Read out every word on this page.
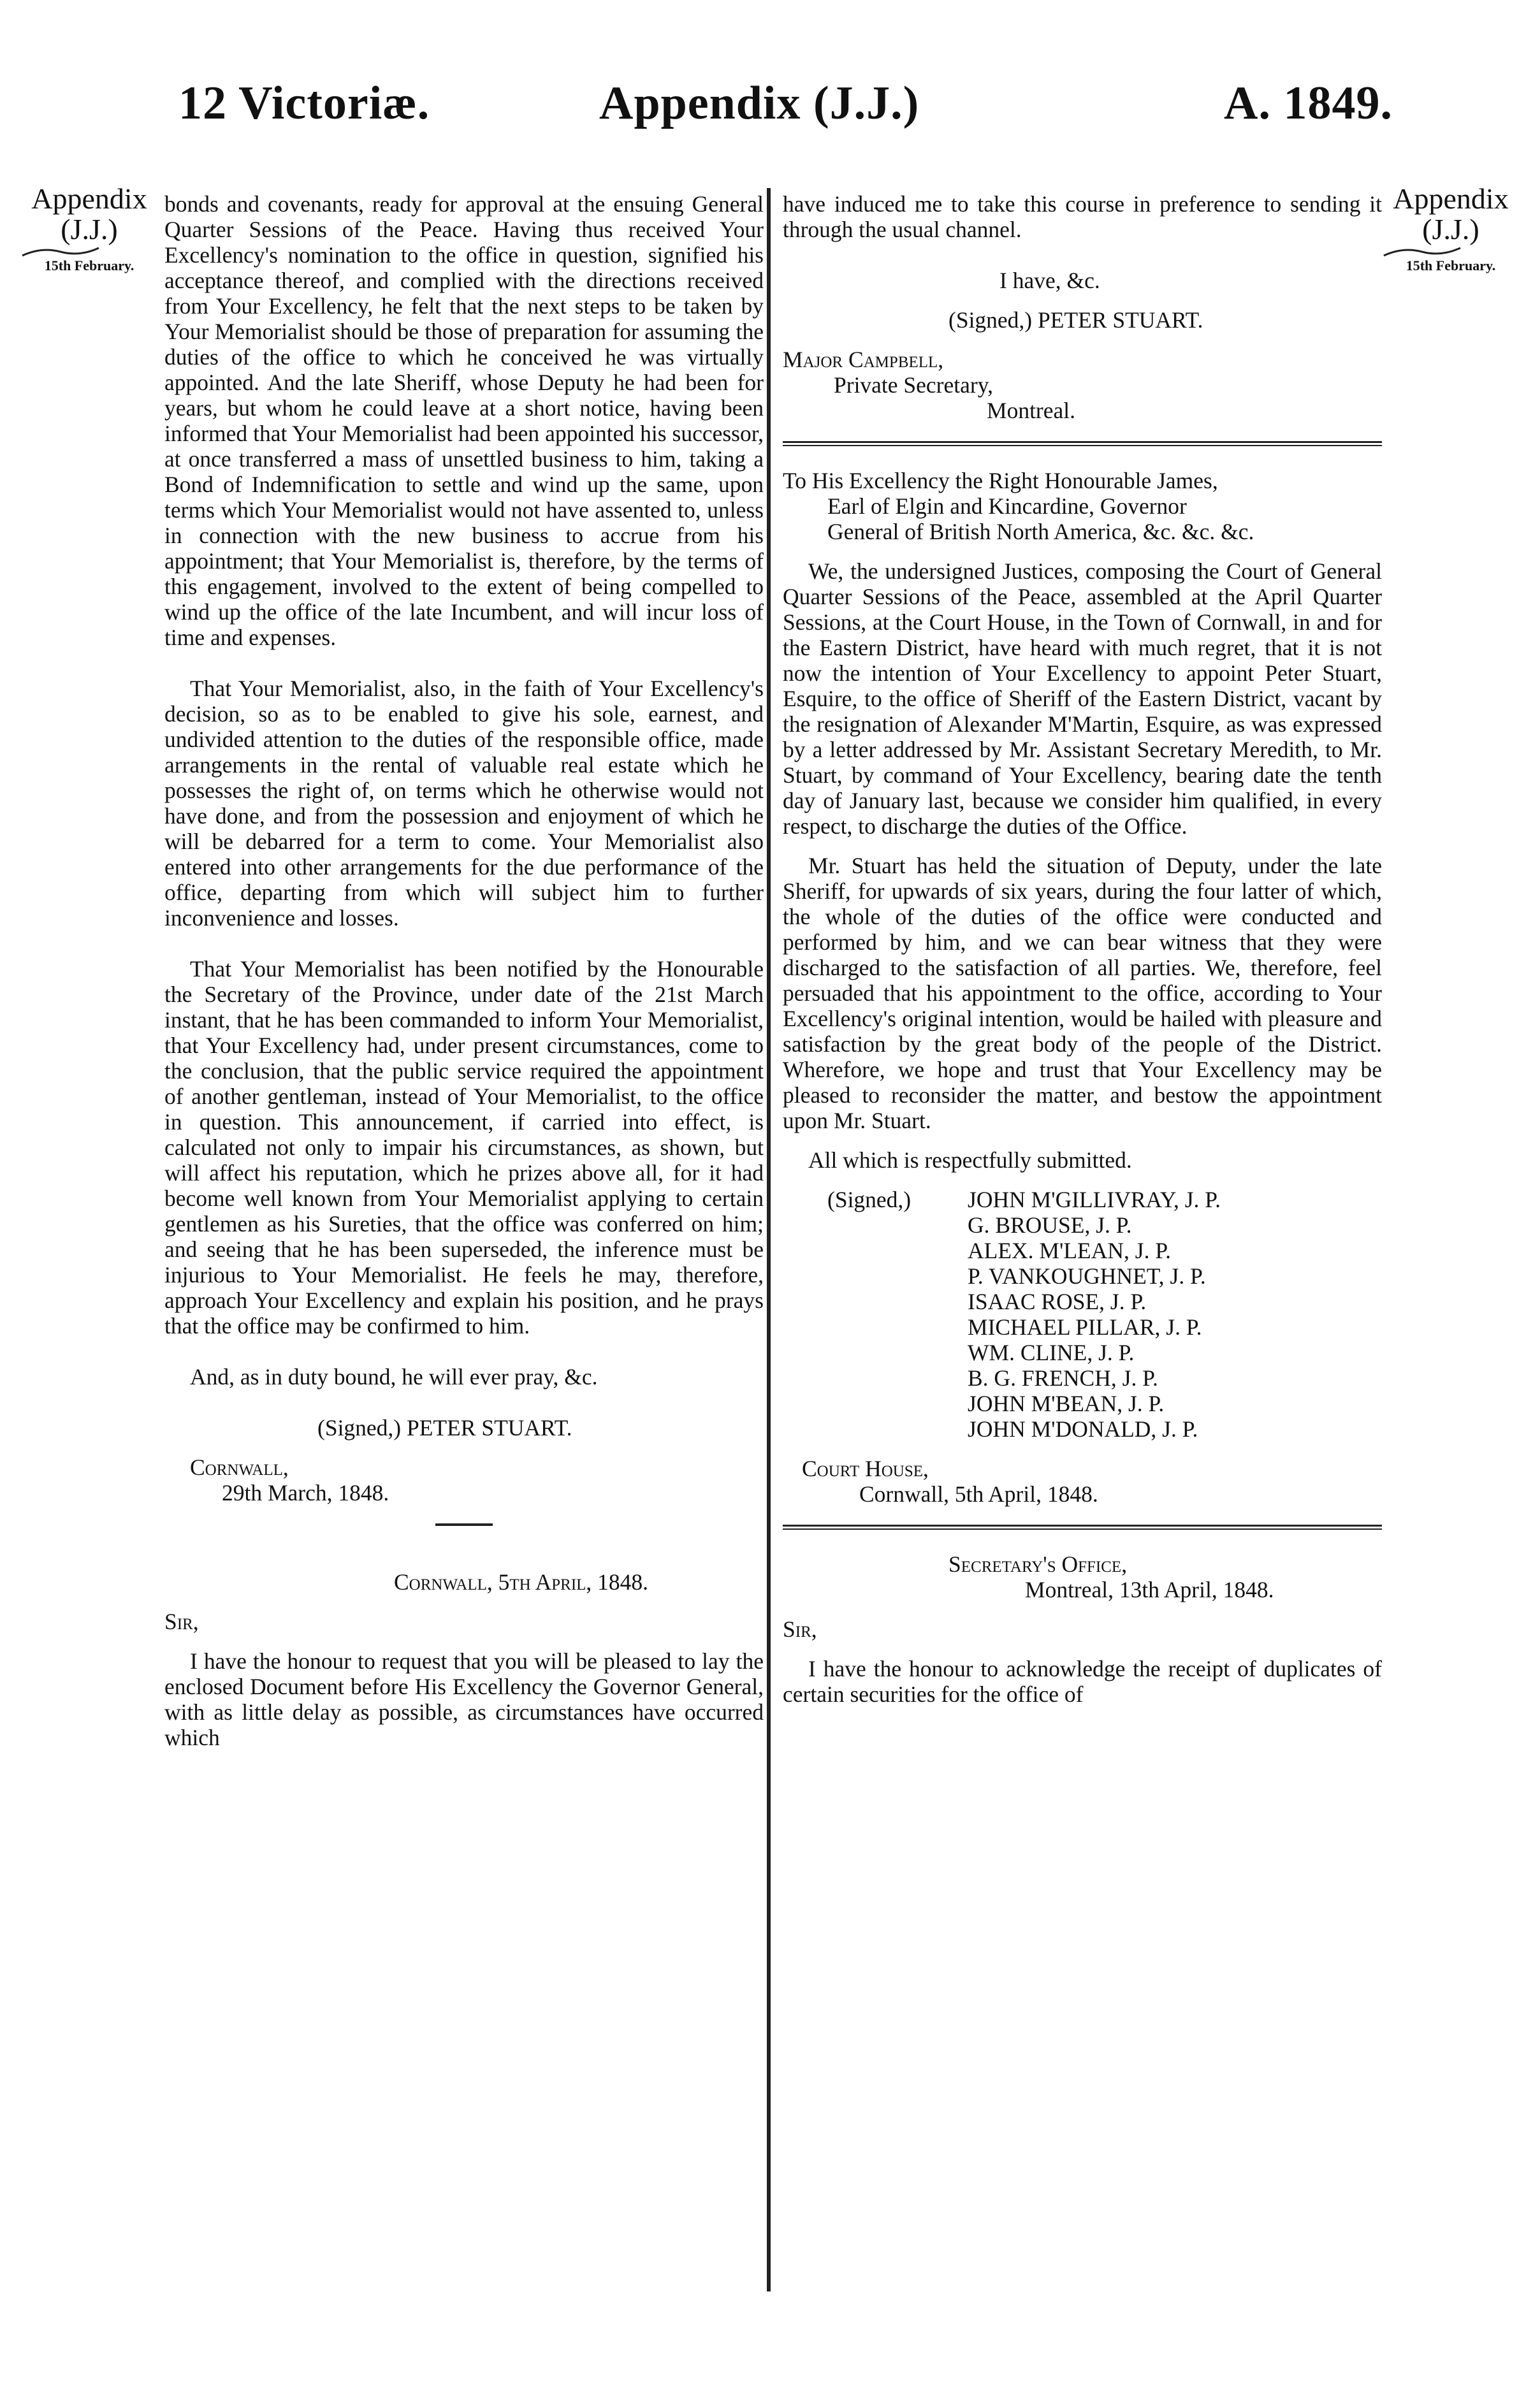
12 Victoriæ.	Appendix (J.J.)	A. 1849.
Appendix
(J.J.)
15th February.
Appendix
(J.J.)
15th February.

bonds and covenants, ready for approval at the ensuing General Quarter Sessions of the Peace. Having thus received Your Excellency's nomination to the office in question, signified his acceptance thereof, and complied with the directions received from Your Excellency, he felt that the next steps to be taken by Your Memorialist should be those of preparation for assuming the duties of the office to which he conceived he was virtually appointed. And the late Sheriff, whose Deputy he had been for years, but whom he could leave at a short notice, having been informed that Your Memorialist had been appointed his successor, at once transferred a mass of unsettled business to him, taking a Bond of Indemnification to settle and wind up the same, upon terms which Your Memorialist would not have assented to, unless in connection with the new business to accrue from his appointment; that Your Memorialist is, therefore, by the terms of this engagement, involved to the extent of being compelled to wind up the office of the late Incumbent, and will incur loss of time and expenses.

That Your Memorialist, also, in the faith of Your Excellency's decision, so as to be enabled to give his sole, earnest, and undivided attention to the duties of the responsible office, made arrangements in the rental of valuable real estate which he possesses the right of, on terms which he otherwise would not have done, and from the possession and enjoyment of which he will be debarred for a term to come. Your Memorialist also entered into other arrangements for the due performance of the office, departing from which will subject him to further inconvenience and losses.

That Your Memorialist has been notified by the Honourable the Secretary of the Province, under date of the 21st March instant, that he has been commanded to inform Your Memorialist, that Your Excellency had, under present circumstances, come to the conclusion, that the public service required the appointment of another gentleman, instead of Your Memorialist, to the office in question. This announcement, if carried into effect, is calculated not only to impair his circumstances, as shown, but will affect his reputation, which he prizes above all, for it had become well known from Your Memorialist applying to certain gentlemen as his Sureties, that the office was conferred on him; and seeing that he has been superseded, the inference must be injurious to Your Memorialist. He feels he may, therefore, approach Your Excellency and explain his position, and he prays that the office may be confirmed to him.

And, as in duty bound, he will ever pray, &c.

(Signed,) PETER STUART.

Cornwall,

29th March, 1848.

Cornwall, 5th April, 1848.

Sir,

I have the honour to request that you will be pleased to lay the enclosed Document before His Excellency the Governor General, with as little delay as possible, as circumstances have occurred which

have induced me to take this course in preference to sending it through the usual channel.

I have, &c.

(Signed,) PETER STUART.

Major Campbell,

Private Secretary,

Montreal.

To His Excellency the Right Honourable James,

Earl of Elgin and Kincardine, Governor

General of British North America, &c. &c. &c.

We, the undersigned Justices, composing the Court of General Quarter Sessions of the Peace, assembled at the April Quarter Sessions, at the Court House, in the Town of Cornwall, in and for the Eastern District, have heard with much regret, that it is not now the intention of Your Excellency to appoint Peter Stuart, Esquire, to the office of Sheriff of the Eastern District, vacant by the resignation of Alexander M'Martin, Esquire, as was expressed by a letter addressed by Mr. Assistant Secretary Meredith, to Mr. Stuart, by command of Your Excellency, bearing date the tenth day of January last, because we consider him qualified, in every respect, to discharge the duties of the Office.

Mr. Stuart has held the situation of Deputy, under the late Sheriff, for upwards of six years, during the four latter of which, the whole of the duties of the office were conducted and performed by him, and we can bear witness that they were discharged to the satisfaction of all parties. We, therefore, feel persuaded that his appointment to the office, according to Your Excellency's original intention, would be hailed with pleasure and satisfaction by the great body of the people of the District. Wherefore, we hope and trust that Your Excellency may be pleased to reconsider the matter, and bestow the appointment upon Mr. Stuart.

All which is respectfully submitted.

(Signed,)	JOHN M'GILLIVRAY, J. P.
G. BROUSE, J. P.
ALEX. M'LEAN, J. P.
P. VANKOUGHNET, J. P.
ISAAC ROSE, J. P.
MICHAEL PILLAR, J. P.
WM. CLINE, J. P.
B. G. FRENCH, J. P.
JOHN M'BEAN, J. P.
JOHN M'DONALD, J. P.

Court House,

Cornwall, 5th April, 1848.

Secretary's Office,

Montreal, 13th April, 1848.

Sir,

I have the honour to acknowledge the receipt of duplicates of certain securities for the office of
